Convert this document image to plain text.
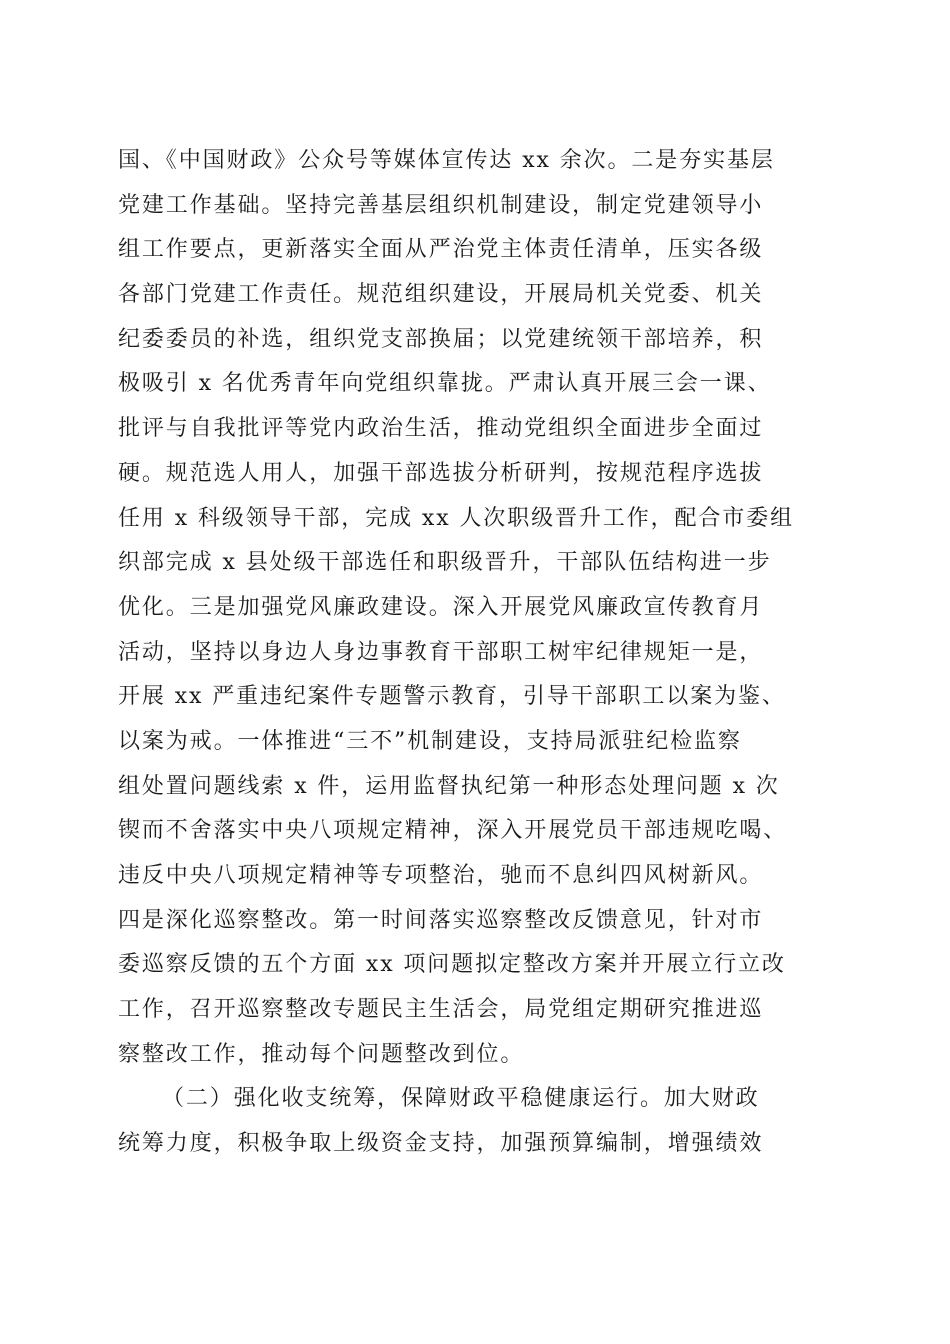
国、《中国财政》公众号等媒体宣传达 xx 余次。二是夯实基层
党建工作基础。坚持完善基层组织机制建设，制定党建领导小
组工作要点，更新落实全面从严治党主体责任清单，压实各级
各部门党建工作责任。规范组织建设，开展局机关党委、机关
纪委委员的补选，组织党支部换届；以党建统领干部培养，积
极吸引 x 名优秀青年向党组织靠拢。严肃认真开展三会一课、
批评与自我批评等党内政治生活，推动党组织全面进步全面过
硬。规范选人用人，加强干部选拔分析研判，按规范程序选拔
任用 x 科级领导干部，完成 xx 人次职级晋升工作，配合市委组
织部完成 x 县处级干部选任和职级晋升，干部队伍结构进一步
优化。三是加强党风廉政建设。深入开展党风廉政宣传教育月
活动，坚持以身边人身边事教育干部职工树牢纪律规矩一是，
开展 xx 严重违纪案件专题警示教育，引导干部职工以案为鉴、
以案为戒。一体推进“三不”机制建设，支持局派驻纪检监察
组处置问题线索 x 件，运用监督执纪第一种形态处理问题 x 次
锲而不舍落实中央八项规定精神，深入开展党员干部违规吃喝、
违反中央八项规定精神等专项整治，驰而不息纠四风树新风。
四是深化巡察整改。第一时间落实巡察整改反馈意见，针对市
委巡察反馈的五个方面 xx 项问题拟定整改方案并开展立行立改
工作，召开巡察整改专题民主生活会，局党组定期研究推进巡
察整改工作，推动每个问题整改到位。
（二）强化收支统筹，保障财政平稳健康运行。加大财政
统筹力度，积极争取上级资金支持，加强预算编制，增强绩效
